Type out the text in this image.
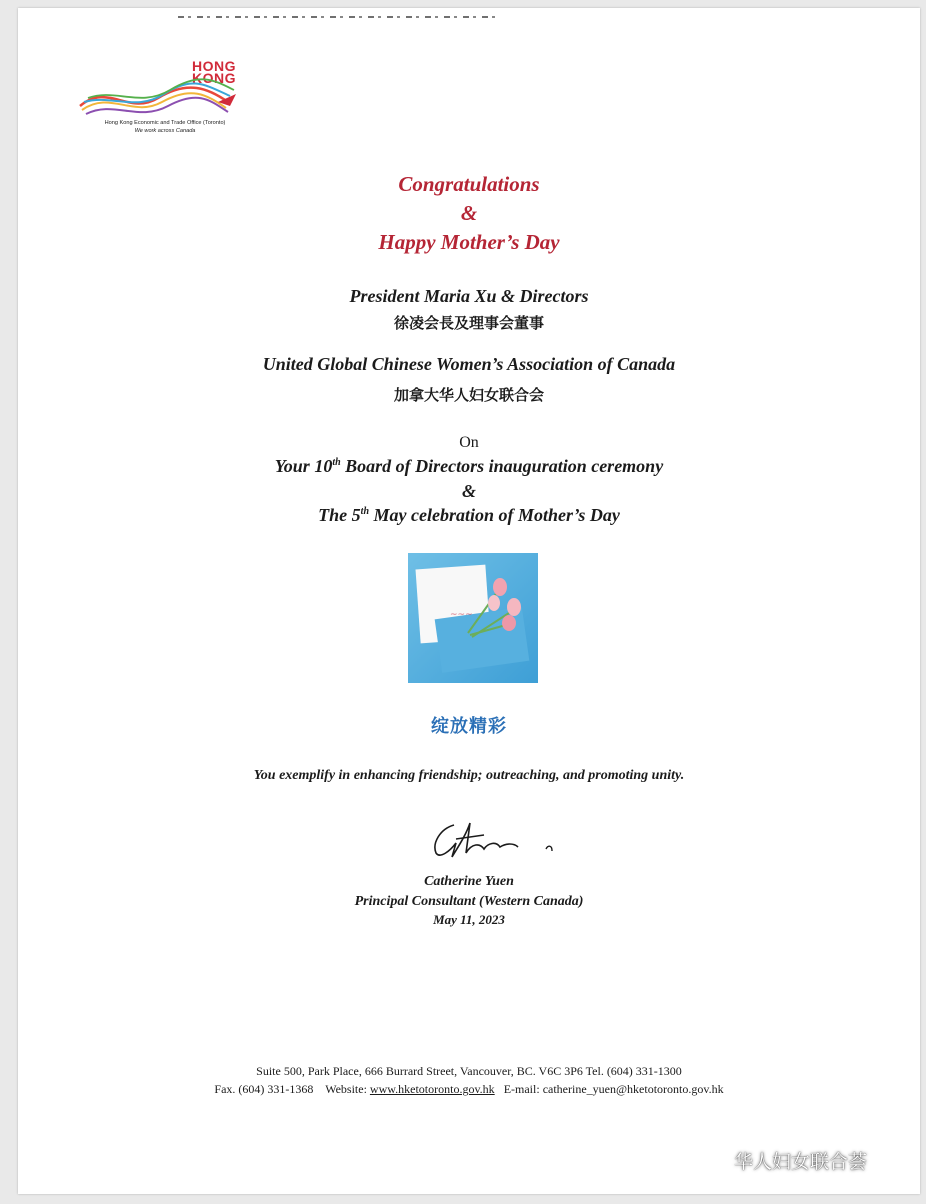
HONG
KONG
Hong Kong Economic and Trade Office (Toronto)
We work across Canada
Congratulations
&
Happy Mother’s Day
President Maria Xu & Directors
徐凌会長及理事会董事
United Global Chinese Women’s Association of Canada
加拿大华人妇女联合会
On
Your 10th Board of Directors inauguration ceremony
&
The 5th May celebration of Mother’s Day
~~~
绽放精彩
You exemplify in enhancing friendship; outreaching, and promoting unity.
Catherine Yuen
Principal Consultant (Western Canada)
May 11, 2023
Suite 500, Park Place, 666 Burrard Street, Vancouver, BC. V6C 3P6 Tel. (604) 331-1300
Fax. (604) 331-1368 Website: www.hketotoronto.gov.hk E-mail: catherine_yuen@hketotoronto.gov.hk
华人妇女联合荟
